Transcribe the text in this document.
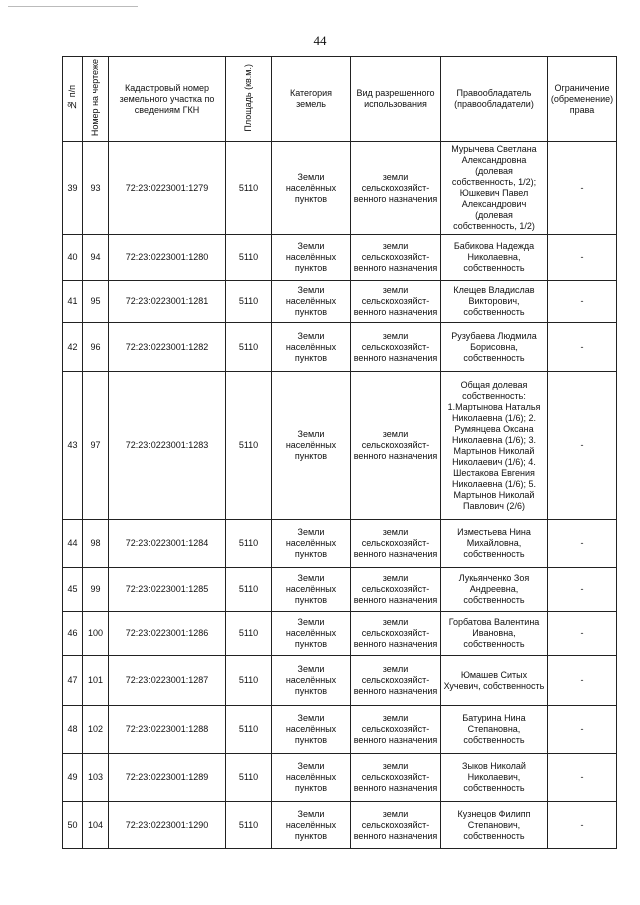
44
№ п/п	Номер на чертеже	Кадастровый номер земельного участка по сведениям ГКН	Площадь (кв.м.)	Категория земель	Вид разрешенного использования	Правообладатель (правообладатели)	Ограничение (обременение) права
39	93	72:23:0223001:1279	5110	Земли населённых пунктов	земли сельскохозяйст-венного назначения	Мурычева Светлана Александровна (долевая собственность, 1/2); Юшкевич Павел Александрович (долевая собственность, 1/2)	-
40	94	72:23:0223001:1280	5110	Земли населённых пунктов	земли сельскохозяйст-венного назначения	Бабикова Надежда Николаевна, собственность	-
41	95	72:23:0223001:1281	5110	Земли населённых пунктов	земли сельскохозяйст-венного назначения	Клещев Владислав Викторович, собственность	-
42	96	72:23:0223001:1282	5110	Земли населённых пунктов	земли сельскохозяйст-венного назначения	Рузубаева Людмила Борисовна, собственность	-
43	97	72:23:0223001:1283	5110	Земли населённых пунктов	земли сельскохозяйст-венного назначения	Общая долевая собственность: 1.Мартынова Наталья Николаевна (1/6); 2. Румянцева Оксана Николаевна (1/6); 3. Мартынов Николай Николаевич (1/6); 4. Шестакова Евгения Николаевна (1/6); 5. Мартынов Николай Павлович (2/6)	-
44	98	72:23:0223001:1284	5110	Земли населённых пунктов	земли сельскохозяйст-венного назначения	Изместьева Нина Михайловна, собственность	-
45	99	72:23:0223001:1285	5110	Земли населённых пунктов	земли сельскохозяйст-венного назначения	Лукьянченко Зоя Андреевна, собственность	-
46	100	72:23:0223001:1286	5110	Земли населённых пунктов	земли сельскохозяйст-венного назначения	Горбатова Валентина Ивановна, собственность	-
47	101	72:23:0223001:1287	5110	Земли населённых пунктов	земли сельскохозяйст-венного назначения	Юмашев Ситых Хучевич, собственность	-
48	102	72:23:0223001:1288	5110	Земли населённых пунктов	земли сельскохозяйст-венного назначения	Батурина Нина Степановна, собственность	-
49	103	72:23:0223001:1289	5110	Земли населённых пунктов	земли сельскохозяйст-венного назначения	Зыков Николай Николаевич, собственность	-
50	104	72:23:0223001:1290	5110	Земли населённых пунктов	земли сельскохозяйст-венного назначения	Кузнецов Филипп Степанович, собственность	-
